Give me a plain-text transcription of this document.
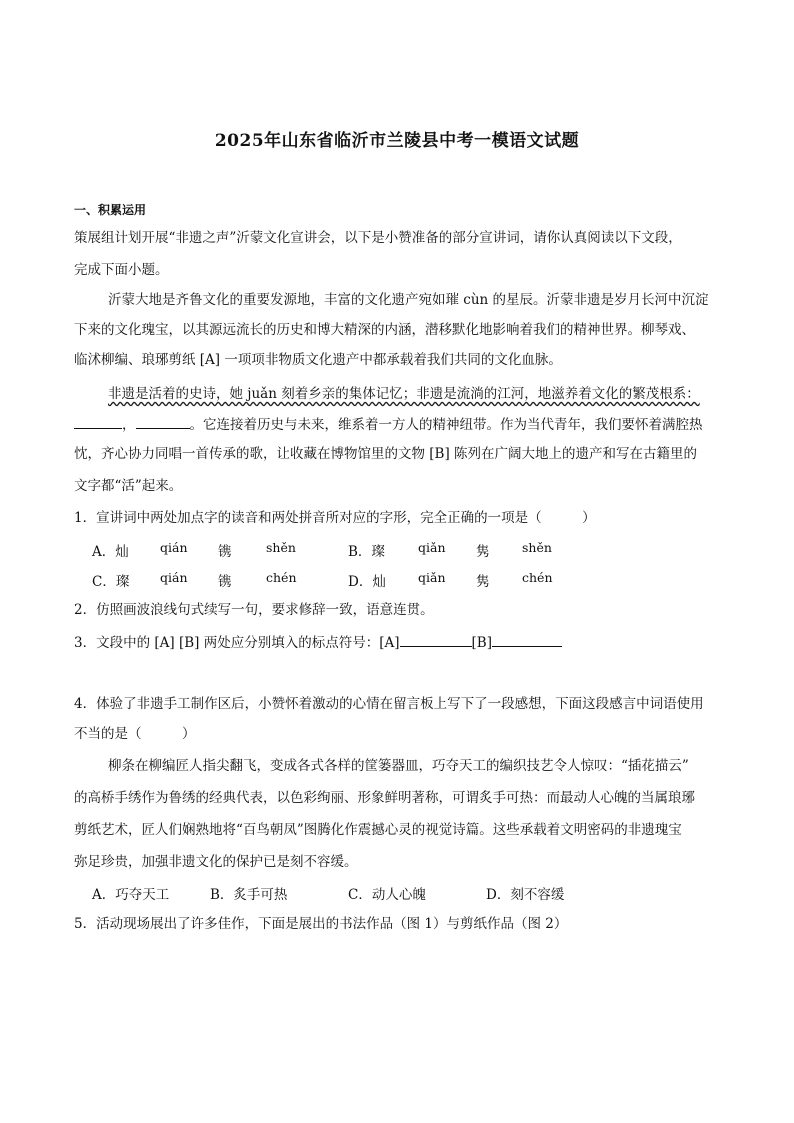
2025年山东省临沂市兰陵县中考一模语文试题
一、积累运用
策展组计划开展“非遗之声”沂蒙文化宣讲会，以下是小赞准备的部分宣讲词，请你认真阅读以下文段，
完成下面小题。
沂蒙大地是齐鲁文化的重要发源地，丰富的文化遗产宛如璀 cùn 的星辰。沂蒙非遗是岁月长河中沉淀
下来的文化瑰宝，以其源远流长的历史和博大精深的内涵，潜移默化地影响着我们的精神世界。柳琴戏、
临沭柳编、琅琊剪纸 [A] 一项项非物质文化遗产中都承载着我们共同的文化血脉。
非遗是活着的史诗，她 juǎn 刻着乡亲的集体记忆；非遗是流淌的江河，地滋养着文化的繁茂根系：
，	。它连接着历史与未来，维系着一方人的精神纽带。作为当代青年，我们要怀着满腔热
忱，齐心协力同唱一首传承的歌，让收藏在博物馆里的文物 [B] 陈列在广阔大地上的遗产和写在古籍里的
文字都“活”起来。
1．宣讲词中两处加点字的读音和两处拼音所对应的字形，完全正确的一项是（　　　）
A．灿	qián 镌	shěn	B．璨	qiǎn 隽	shěn
C．璨 qián 镌	chén	D．灿	qiǎn 隽	chén
2．仿照画波浪线句式续写一句，要求修辞一致，语意连贯。
3．文段中的 [A] [B] 两处应分别填入的标点符号：[A]	[B]
4．体验了非遗手工制作区后，小赞怀着激动的心情在留言板上写下了一段感想，下面这段感言中词语使用
不当的是（　　　）
柳条在柳编匠人指尖翻飞，变成各式各样的筐篓器皿，巧夺天工的编织技艺令人惊叹：“插花描云”
的高桥手绣作为鲁绣的经典代表，以色彩绚丽、形象鲜明著称，可谓炙手可热：而最动人心魄的当属琅琊
剪纸艺术，匠人们娴熟地将“百鸟朝凤”图腾化作震撼心灵的视觉诗篇。这些承载着文明密码的非遗瑰宝
弥足珍贵，加强非遗文化的保护已是刻不容缓。
A．巧夺天工	B．炙手可热	C．动人心魄	D．刻不容缓
5．活动现场展出了许多佳作，下面是展出的书法作品（图 1）与剪纸作品（图 2）
